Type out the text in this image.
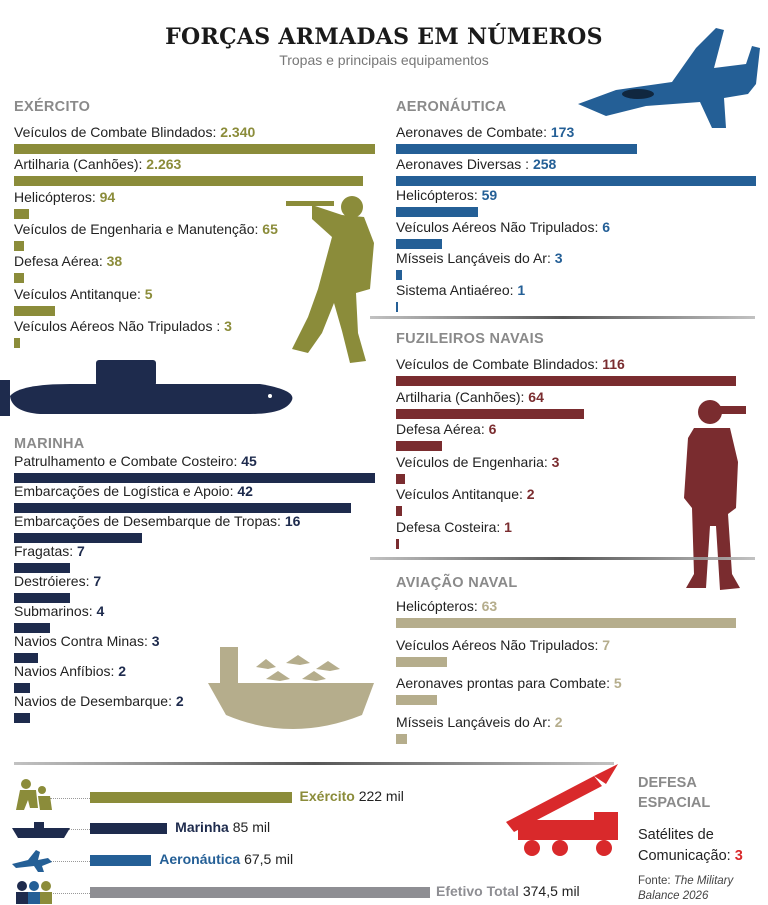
FORÇAS ARMADAS EM NÚMEROS
Tropas e principais equipamentos
EXÉRCITO	AERONÁUTICA
FUZILEIROS NAVAIS
MARINHA
AVIAÇÃO NAVAL
Veículos de Combate Blindados: 2.340
Artilharia (Canhões): 2.263
Helicópteros: 94
Veículos de Engenharia e Manutenção: 65
Defesa Aérea: 38
Veículos Antitanque: 5
Veículos Aéreos Não Tripulados : 3
Aeronaves de Combate: 173
Aeronaves Diversas : 258
Helicópteros: 59
Veículos Aéreos Não Tripulados: 6
Mísseis Lançáveis do Ar: 3
Sistema Antiaéreo: 1
Veículos de Combate Blindados: 116
Artilharia (Canhões): 64
Defesa Aérea: 6
Veículos de Engenharia: 3
Veículos Antitanque: 2
Defesa Costeira: 1
Patrulhamento e Combate Costeiro: 45
Embarcações de Logística e Apoio: 42
Embarcações de Desembarque de Tropas: 16
Fragatas: 7
Destróieres: 7
Submarinos: 4
Navios Contra Minas: 3
Navios Anfíbios: 2
Navios de Desembarque: 2
Helicópteros: 63
Veículos Aéreos Não Tripulados: 7
Aeronaves prontas para Combate: 5
Mísseis Lançáveis do Ar: 2
Exército 222 mil
Marinha 85 mil
Aeronáutica 67,5 mil
Efetivo Total 374,5 mil
DEFESA
ESPACIAL
Satélites de
Comunicação: 3
Fonte: The Military
Balance 2026
